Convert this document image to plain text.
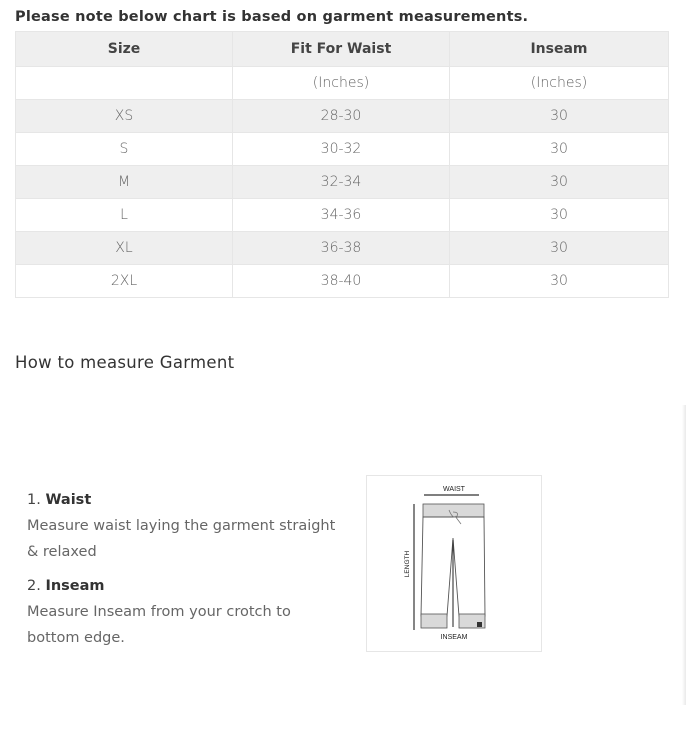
Please note below chart is based on garment measurements.
Size	Fit For Waist	Inseam
	(Inches)	(Inches)
XS	28-30	30
S	30-32	30
M	32-34	30
L	34-36	30
XL	36-38	30
2XL	38-40	30
How to measure Garment
1. Waist
Measure waist laying the garment straight & relaxed
2. Inseam
Measure Inseam from your crotch to bottom edge.
WAIST
LENGTH
INSEAM
